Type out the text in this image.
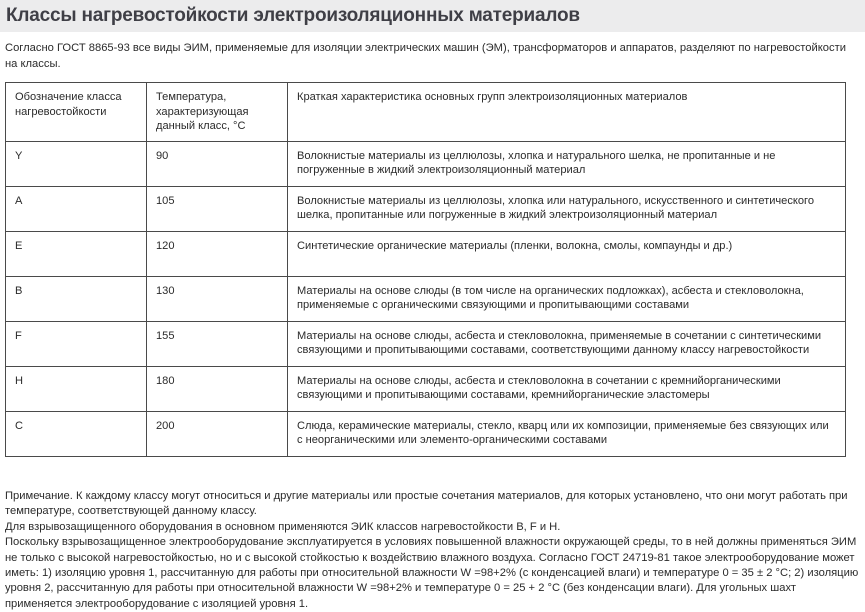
Классы нагревостойкости электроизоляционных материалов
Согласно ГОСТ 8865-93 все виды ЭИМ, применяемые для изоляции электрических машин (ЭМ), трансформаторов и аппаратов, разделяют по нагревостойкости на классы.
Обозначение класса нагревостойкости	Температура, характеризующая данный класс, °С	Краткая характеристика основных групп электроизоляционных материалов
Y	90	Волокнистые материалы из целлюлозы, хлопка и натурального шелка, не пропитанные и не погруженные в жидкий электроизоляционный материал
A	105	Волокнистые материалы из целлюлозы, хлопка или натурального, искусственного и синтетического шелка, пропитанные или погруженные в жидкий электроизоляционный материал
E	120	Синтетические органические материалы (пленки, волокна, смолы, компаунды и др.)
B	130	Материалы на основе слюды (в том числе на органических подложках), асбеста и стекловолокна, применяемые с органическими связующими и пропитывающими составами
F	155	Материалы на основе слюды, асбеста и стекловолокна, применяемые в сочетании с синтетическими связующими и пропитывающими составами, соответствующими данному классу нагревостойкости
H	180	Материалы на основе слюды, асбеста и стекловолокна в сочетании с кремнийорганическими связующими и пропитывающими составами, кремнийорганические эластомеры
C	200	Слюда, керамические материалы, стекло, кварц или их композиции, применяемые без связующих или с неорганическими или элементо-органическими составами

Примечание. К каждому классу могут относиться и другие материалы или простые сочетания материалов, для которых установлено, что они могут работать при температуре, соответствующей данному классу.

Для взрывозащищенного оборудования в основном применяются ЭИК классов нагревостойкости B, F и H.

Поскольку взрывозащищенное электрооборудование эксплуатируется в условиях повышенной влажности окружающей среды, то в ней должны применяться ЭИМ не только с высокой нагревостойкостью, но и с высокой стойкостью к воздействию влажного воздуха. Согласно ГОСТ 24719-81 такое электрооборудование может иметь: 1) изоляцию уровня 1, рассчитанную для работы при относительной влажности W =98+2% (с конденсацией влаги) и температуре 0 = 35 ± 2 °С; 2) изоляцию уровня 2, рассчитанную для работы при относительной влажности W =98+2% и температуре 0 = 25 + 2 °С (без конденсации влаги). Для угольных шахт применяется электрооборудование с изоляцией уровня 1.
